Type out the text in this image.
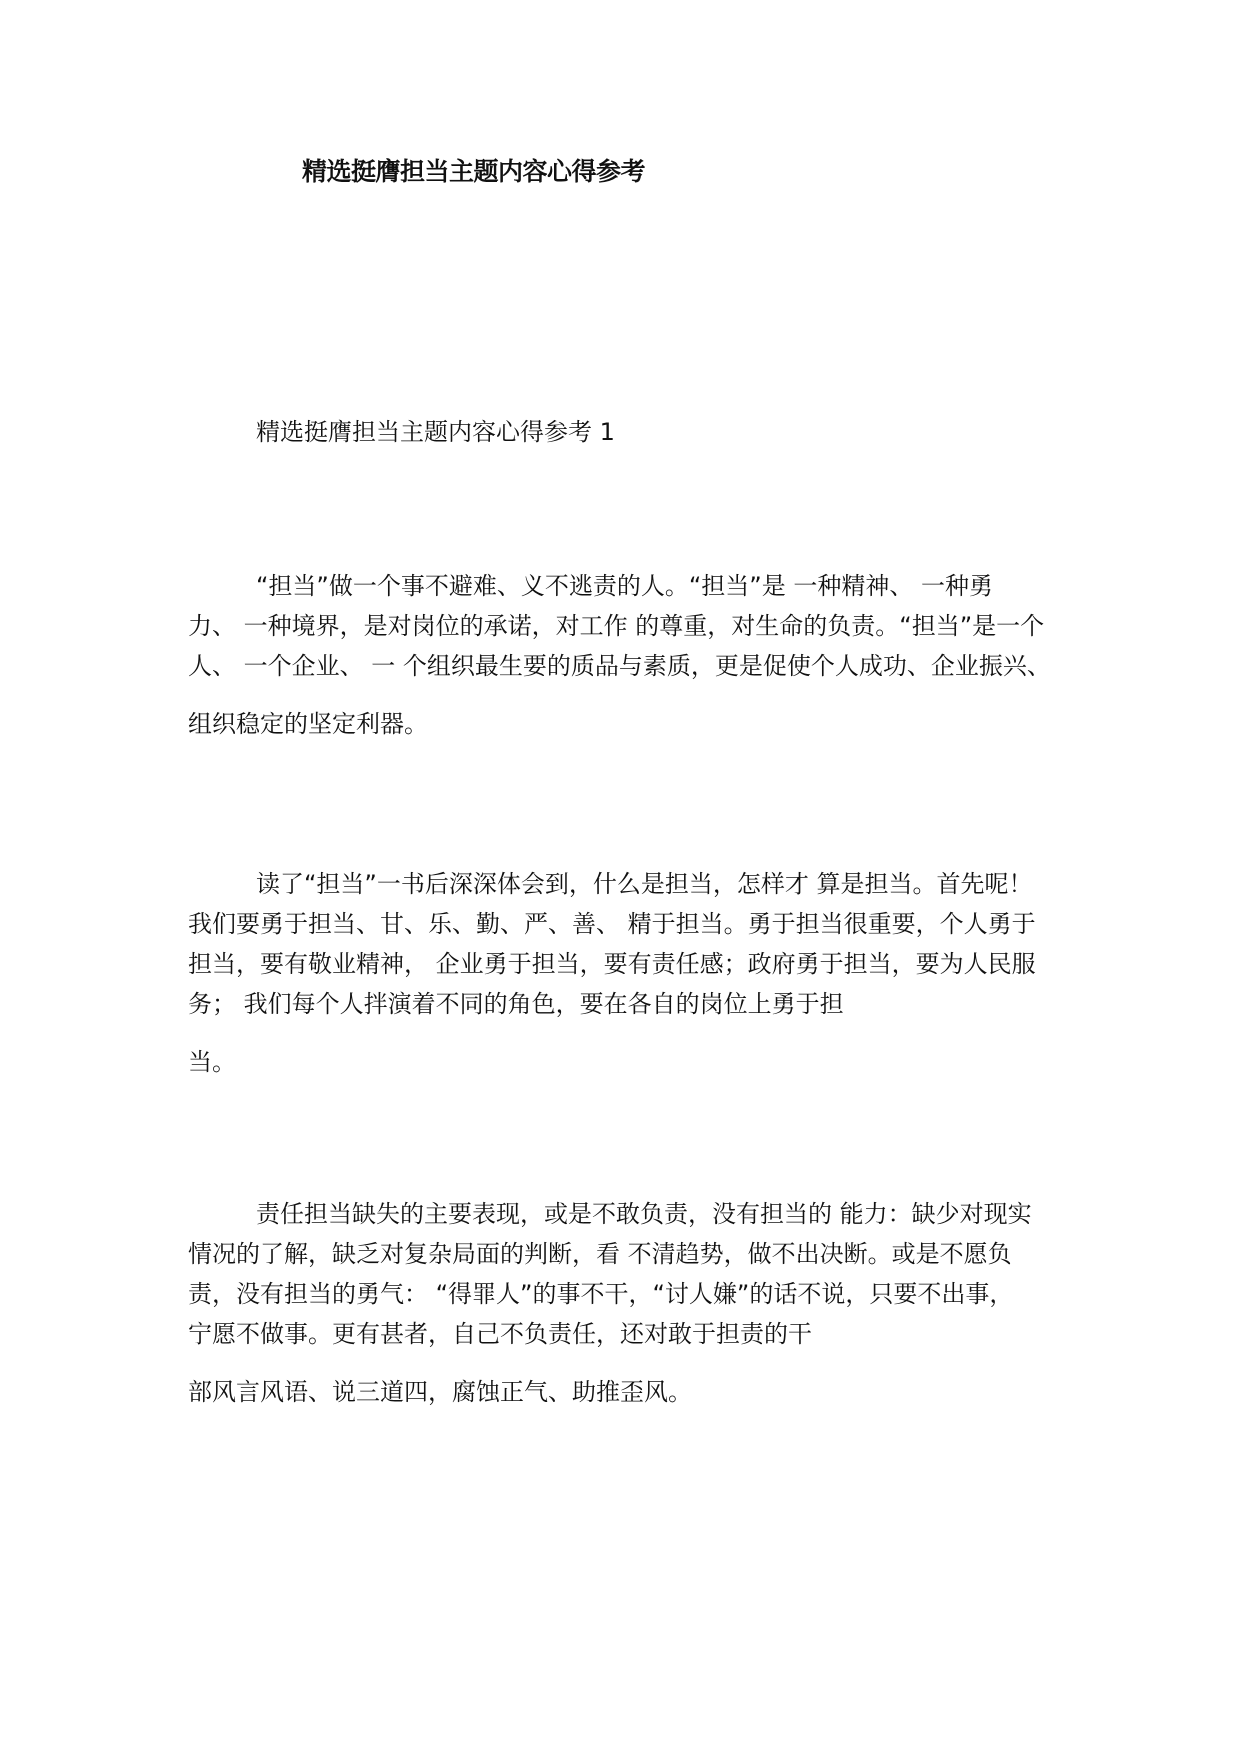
精选挺膺担当主题内容心得参考
精选挺膺担当主题内容心得参考 1
“担当”做一个事不避难、义不逃责的人。“担当”是 一种精神、 一种勇
力、 一种境界，是对岗位的承诺，对工作 的尊重，对生命的负责。“担当”是一个
人、 一个企业、 一 个组织最生要的质品与素质，更是促使个人成功、企业振兴、
组织稳定的坚定利器。
读了“担当”一书后深深体会到，什么是担当，怎样才 算是担当。首先呢！
我们要勇于担当、甘、乐、勤、严、善、 精于担当。勇于担当很重要，个人勇于
担当，要有敬业精神， 企业勇于担当，要有责任感；政府勇于担当，要为人民服
务； 我们每个人拌演着不同的角色，要在各自的岗位上勇于担
当。
责任担当缺失的主要表现，或是不敢负责，没有担当的 能力：缺少对现实
情况的了解，缺乏对复杂局面的判断，看 不清趋势，做不出决断。或是不愿负
责，没有担当的勇气： “得罪人”的事不干，“讨人嫌”的话不说，只要不出事，
宁愿不做事。更有甚者，自己不负责任，还对敢于担责的干
部风言风语、说三道四，腐蚀正气、助推歪风。
